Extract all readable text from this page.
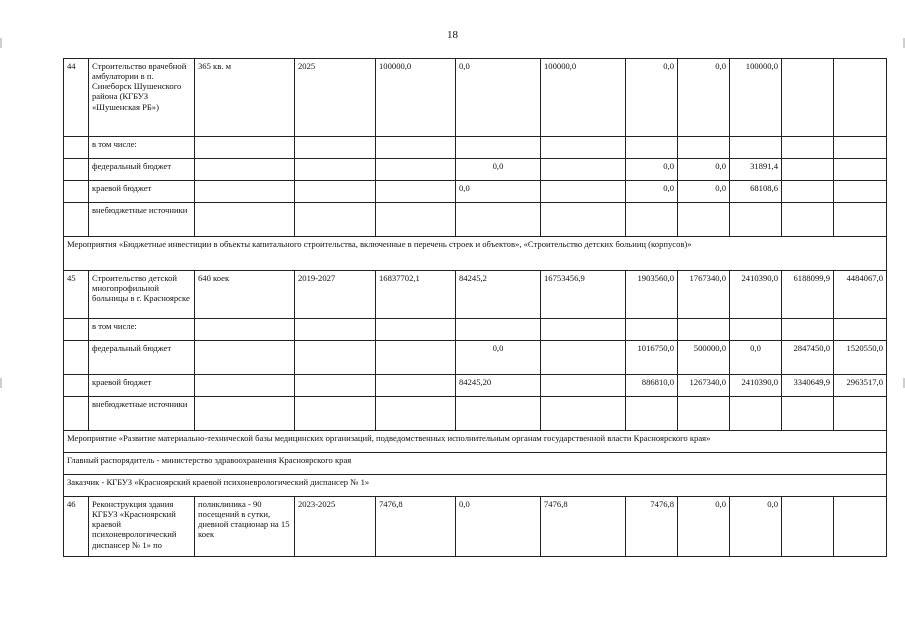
18
44	Строительство врачебной амбулатории в п. Синеборск Шушенского района (КГБУЗ «Шушенская РБ»)	365 кв. м	2025	100000,0	0,0	100000,0	0,0	0,0	100000,0		
	в том числе:										
	федеральный бюджет				0,0		0,0	0,0	31891,4		
	краевой бюджет				0,0		0,0	0,0	68108,6		
	внебюджетные источники										
Мероприятия «Бюджетные инвестиции в объекты капитального строительства, включенные в перечень строек и объектов», «Строительство детских больниц (корпусов)»											
45	Строительство детской многопрофильной больницы в г. Красноярске	640 коек	2019-2027	16837702,1	84245,2	16753456,9	1903560,0	1767340,0	2410390,0	6188099,9	4484067,0
	в том числе:										
	федеральный бюджет				0,0		1016750,0	500000,0	0,0	2847450,0	1520550,0
	краевой бюджет				84245,20		886810,0	1267340,0	2410390,0	3340649,9	2963517,0
	внебюджетные источники										
Мероприятие «Развитие материально-технической базы медицинских организаций, подведомственных исполнительным органам государственной власти Красноярского края»											
Главный распорядитель - министерство здравоохранения Красноярского края											
Заказчик - КГБУЗ «Красноярский краевой психоневрологический диспансер № 1»											
46	Реконструкция здания КГБУЗ «Красноярский краевой психоневрологический диспансер № 1» по	поликлиника - 90 посещений в сутки, дневной стационар на 15 коек	2023-2025	7476,8	0,0	7476,8	7476,8	0,0	0,0		
